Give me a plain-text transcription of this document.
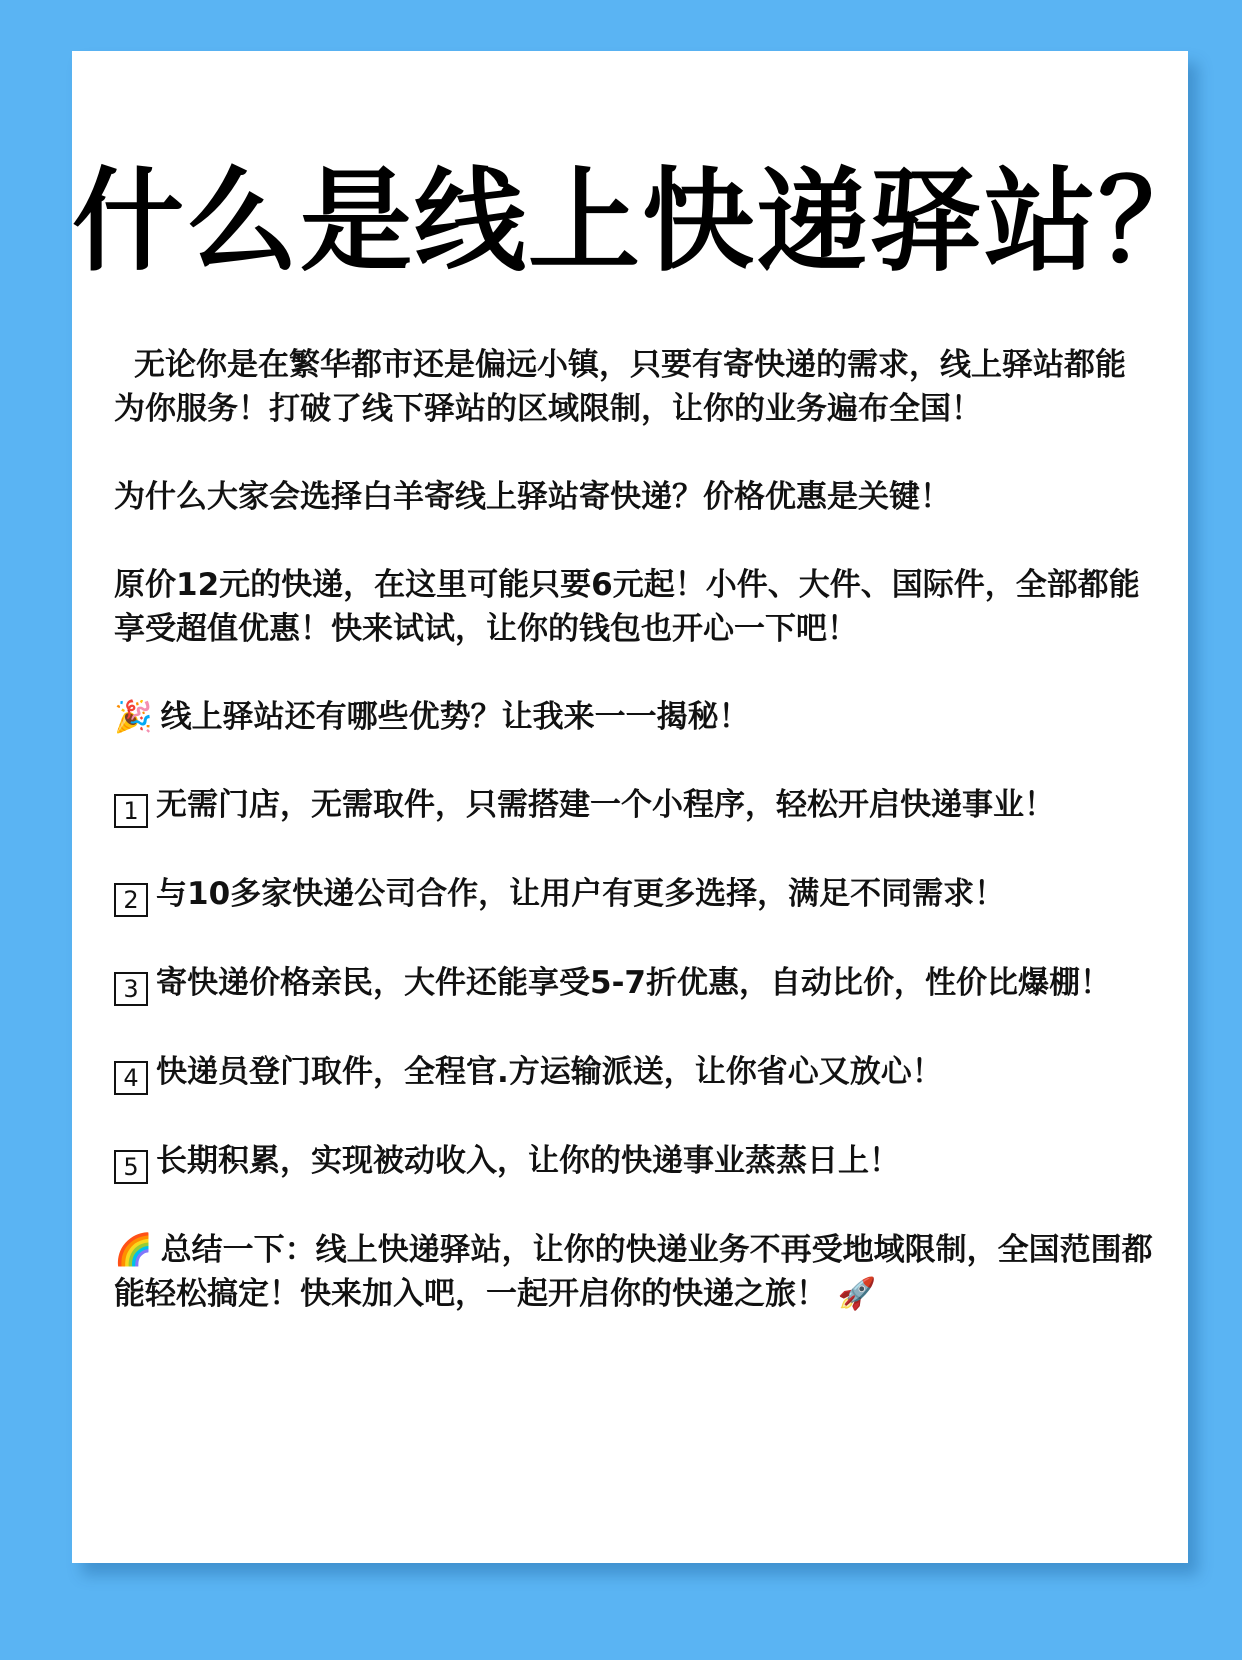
什么是线上快递驿站？

无论你是在繁华都市还是偏远小镇，只要有寄快递的需求，线上驿站都能为你服务！打破了线下驿站的区域限制，让你的业务遍布全国！

为什么大家会选择白羊寄线上驿站寄快递？价格优惠是关键！

原价12元的快递，在这里可能只要6元起！小件、大件、国际件，全部都能享受超值优惠！快来试试，让你的钱包也开心一下吧！

🎉 线上驿站还有哪些优势？让我来一一揭秘！

1 无需门店，无需取件，只需搭建一个小程序，轻松开启快递事业！

2 与10多家快递公司合作，让用户有更多选择，满足不同需求！

3 寄快递价格亲民，大件还能享受5-7折优惠，自动比价，性价比爆棚！

4 快递员登门取件，全程官.方运输派送，让你省心又放心！

5 长期积累，实现被动收入，让你的快递事业蒸蒸日上！

🌈 总结一下：线上快递驿站，让你的快递业务不再受地域限制，全国范围都能轻松搞定！快来加入吧，一起开启你的快递之旅！ 🚀
